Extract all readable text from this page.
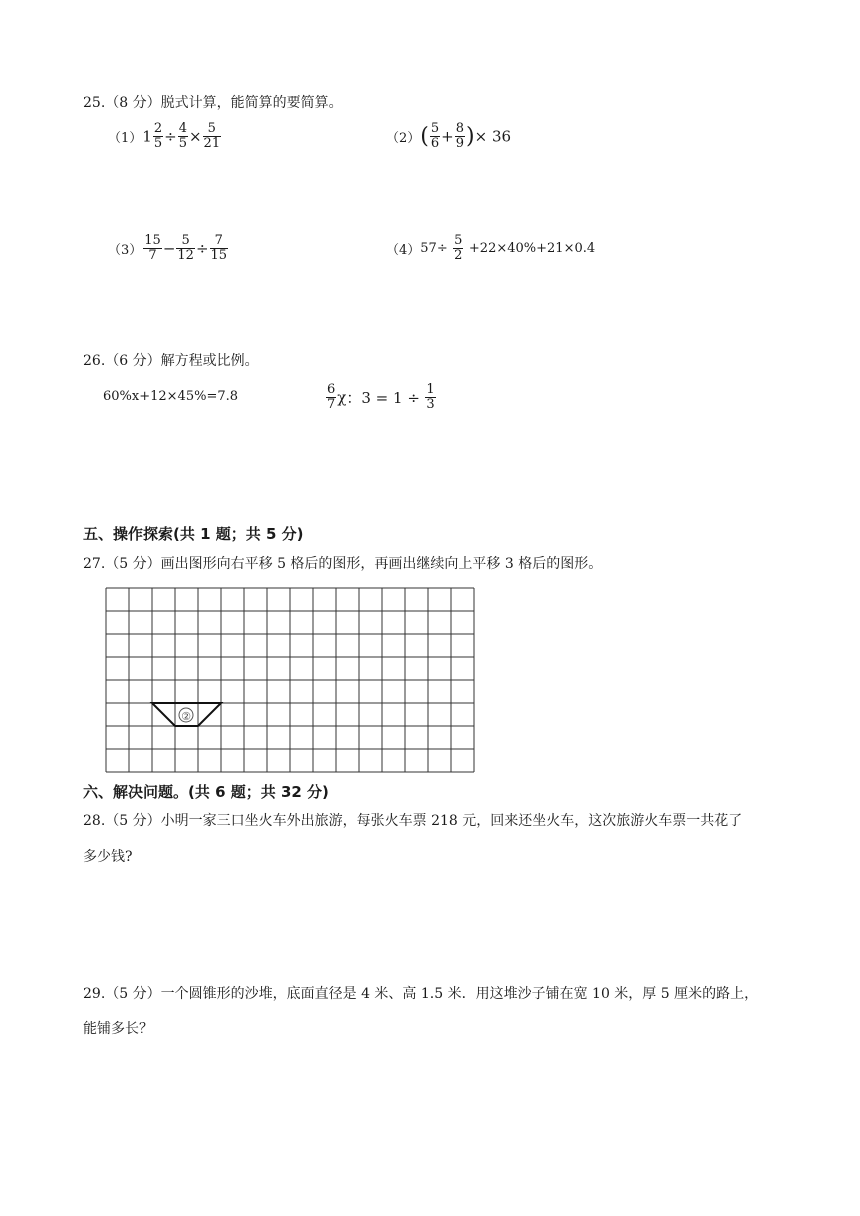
25.（8 分）脱式计算，能简算的要简算。
$(1)1 \frac{2}{5} \div \frac{4}{5} \times \frac{5}{21}$	$(2)( \frac{5}{6} + \frac{8}{9}$ )× 36
$(3) \frac{15}{7} - \frac{5}{12} \div \frac{7}{15}$	$(4)57\div \frac{5}{2} +22\times 40\%+21\times 0.4$
26.（6 分）解方程或比例。
60%x+12×45%=7.8	$\frac{6}{7}$ χ：$3 = 1 \div \frac{1}{3}$
五、操作探索(共 1 题；共 5 分)
27.（5 分）画出图形向右平移 5 格后的图形，再画出继续向上平移 3 格后的图形。
②
六、解决问题。(共 6 题；共 32 分)
28.（5 分）小明一家三口坐火车外出旅游，每张火车票 218 元，回来还坐火车，这次旅游火车票一共花了
多少钱?
29.（5 分）一个圆锥形的沙堆，底面直径是 4 米、高 1.5 米．用这堆沙子铺在宽 10 米，厚 5 厘米的路上，
能铺多长？
